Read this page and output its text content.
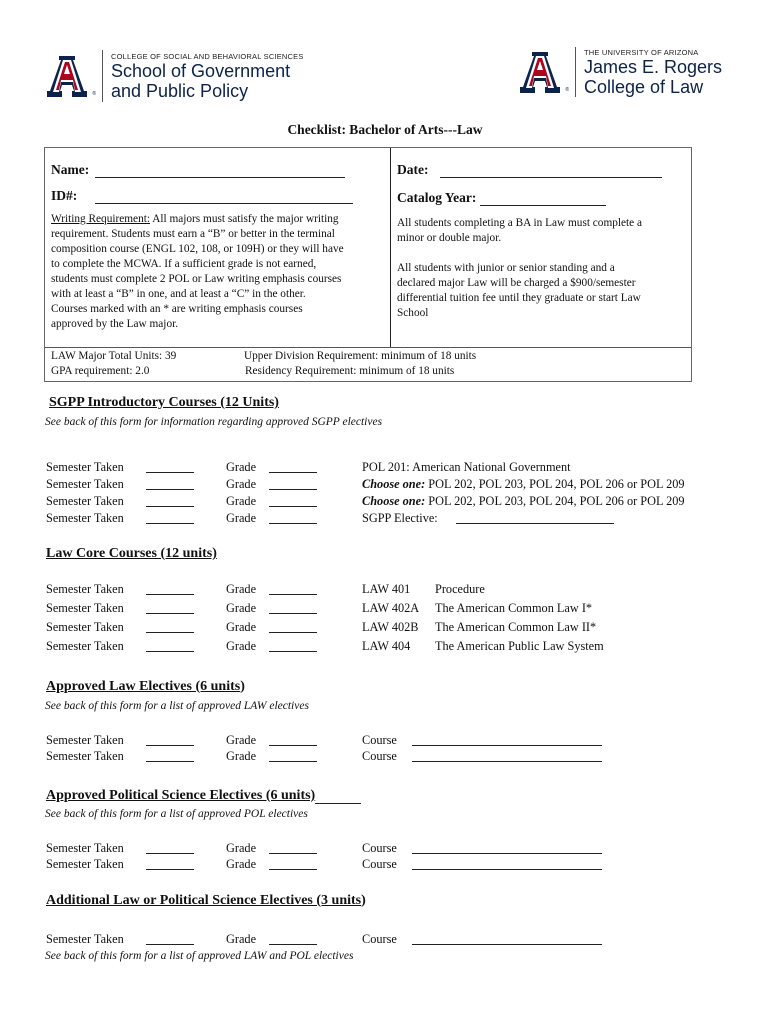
®
COLLEGE OF SOCIAL AND BEHAVIORAL SCIENCES
School of Government
and Public Policy	®
THE UNIVERSITY OF ARIZONA
James E. Rogers
College of Law
Checklist: Bachelor of Arts---Law
Name:
ID#:
Writing Requirement: All majors must satisfy the major writing
requirement. Students must earn a “B” or better in the terminal
composition course (ENGL 102, 108, or 109H) or they will have
to complete the MCWA. If a sufficient grade is not earned,
students must complete 2 POL or Law writing emphasis courses
with at least a “B” in one, and at least a “C” in the other.
Courses marked with an * are writing emphasis courses
approved by the Law major.
Date:
Catalog Year:
All students completing a BA in Law must complete a
minor or double major.
All students with junior or senior standing and a
declared major Law will be charged a $900/semester
differential tuition fee until they graduate or start Law
School
LAW Major Total Units: 39
GPA requirement: 2.0
Upper Division Requirement: minimum of 18 units
Residency Requirement: minimum of 18 units
SGPP Introductory Courses (12 Units)
See back of this form for information regarding approved SGPP electives
Semester Taken	Grade	POL 201: American National Government
Semester Taken	Grade	Choose one: POL 202, POL 203, POL 204, POL 206 or POL 209
Semester Taken	Grade	Choose one: POL 202, POL 203, POL 204, POL 206 or POL 209
Semester Taken	Grade	SGPP Elective:
Law Core Courses (12 units)
Semester Taken	Grade	LAW 401 Procedure
Semester Taken	Grade	LAW 402A The American Common Law I*
Semester Taken	Grade	LAW 402B The American Common Law II*
Semester Taken	Grade	LAW 404 The American Public Law System
Approved Law Electives (6 units)
See back of this form for a list of approved LAW electives
Semester Taken	Grade	Course
Semester Taken	Grade	Course
Approved Political Science Electives (6 units)
See back of this form for a list of approved POL electives
Semester Taken	Grade	Course
Semester Taken	Grade	Course
Additional Law or Political Science Electives (3 units)
Semester Taken	Grade	Course
See back of this form for a list of approved LAW and POL electives
